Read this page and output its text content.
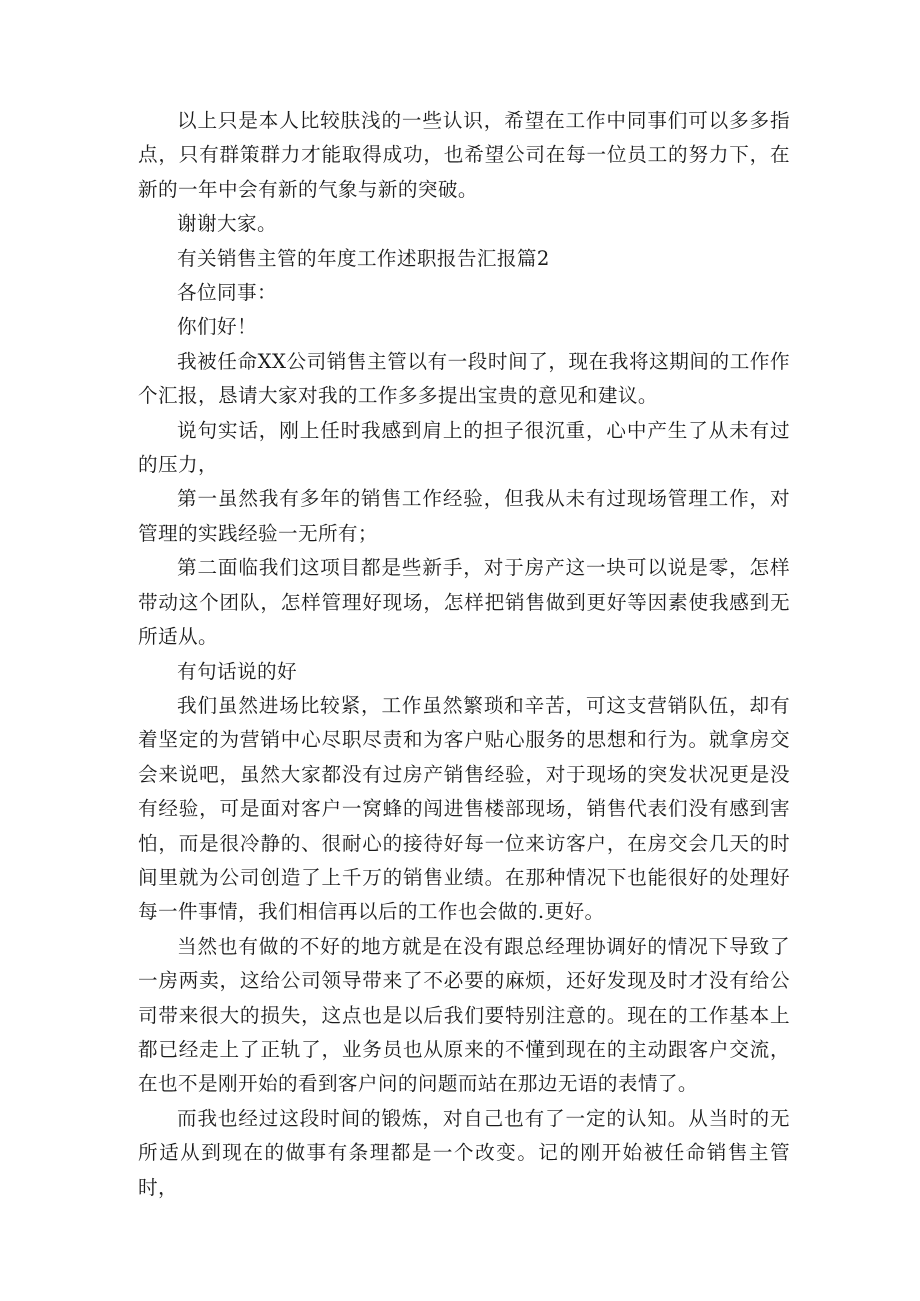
以上只是本人比较肤浅的一些认识，希望在工作中同事们可以多多指点，只有群策群力才能取得成功，也希望公司在每一位员工的努力下，在新的一年中会有新的气象与新的突破。

谢谢大家。

有关销售主管的年度工作述职报告汇报篇2

各位同事：

你们好！

我被任命XX公司销售主管以有一段时间了，现在我将这期间的工作作个汇报，恳请大家对我的工作多多提出宝贵的意见和建议。

说句实话，刚上任时我感到肩上的担子很沉重，心中产生了从未有过的压力，

第一虽然我有多年的销售工作经验，但我从未有过现场管理工作，对管理的实践经验一无所有；

第二面临我们这项目都是些新手，对于房产这一块可以说是零，怎样带动这个团队，怎样管理好现场，怎样把销售做到更好等因素使我感到无所适从。

有句话说的好

我们虽然进场比较紧，工作虽然繁琐和辛苦，可这支营销队伍，却有着坚定的为营销中心尽职尽责和为客户贴心服务的思想和行为。就拿房交会来说吧，虽然大家都没有过房产销售经验，对于现场的突发状况更是没有经验，可是面对客户一窝蜂的闯进售楼部现场，销售代表们没有感到害怕，而是很冷静的、很耐心的接待好每一位来访客户，在房交会几天的时间里就为公司创造了上千万的销售业绩。在那种情况下也能很好的处理好每一件事情，我们相信再以后的工作也会做的.更好。

当然也有做的不好的地方就是在没有跟总经理协调好的情况下导致了一房两卖，这给公司领导带来了不必要的麻烦，还好发现及时才没有给公司带来很大的损失，这点也是以后我们要特别注意的。现在的工作基本上都已经走上了正轨了，业务员也从原来的不懂到现在的主动跟客户交流，在也不是刚开始的看到客户问的问题而站在那边无语的表情了。

而我也经过这段时间的锻炼，对自己也有了一定的认知。从当时的无所适从到现在的做事有条理都是一个改变。记的刚开始被任命销售主管时，
